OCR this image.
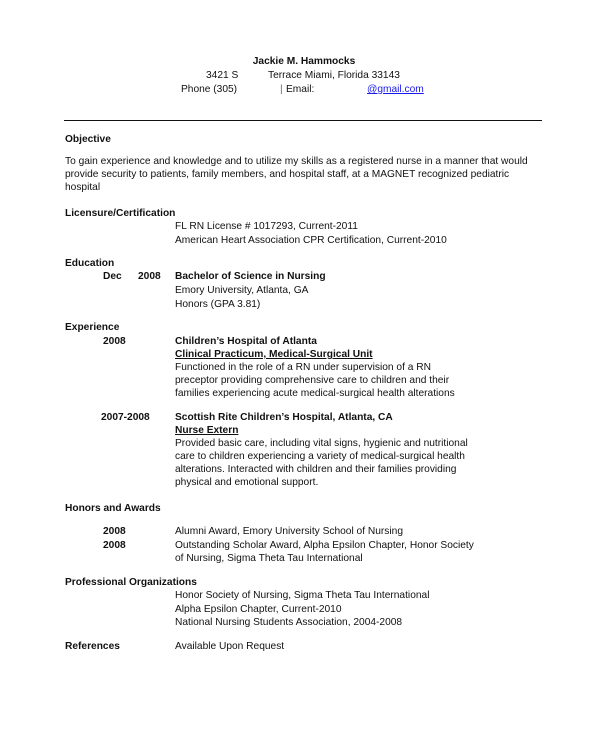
Jackie M. Hammocks
3421 S	Terrace Miami, Florida 33143
Phone (305)	| Email:	@gmail.com
Objective
To gain experience and knowledge and to utilize my skills as a registered nurse in a manner that would
provide security to patients, family members, and hospital staff, at a MAGNET recognized pediatric
hospital
Licensure/Certification
FL RN License # 1017293, Current-2011
American Heart Association CPR Certification, Current-2010
Education
Dec 2008 Bachelor of Science in Nursing
Emory University, Atlanta, GA
Honors (GPA 3.81)
Experience
2008	Children’s Hospital of Atlanta
Clinical Practicum, Medical-Surgical Unit
Functioned in the role of a RN under supervision of a RN
preceptor providing comprehensive care to children and their
families experiencing acute medical-surgical health alterations
2007-2008 Scottish Rite Children’s Hospital, Atlanta, CA
Nurse Extern
Provided basic care, including vital signs, hygienic and nutritional
care to children experiencing a variety of medical-surgical health
alterations. Interacted with children and their families providing
physical and emotional support.
Honors and Awards
2008	Alumni Award, Emory University School of Nursing
2008	Outstanding Scholar Award, Alpha Epsilon Chapter, Honor Society
of Nursing, Sigma Theta Tau International
Professional Organizations
Honor Society of Nursing, Sigma Theta Tau International
Alpha Epsilon Chapter, Current-2010
National Nursing Students Association, 2004-2008
References	Available Upon Request
